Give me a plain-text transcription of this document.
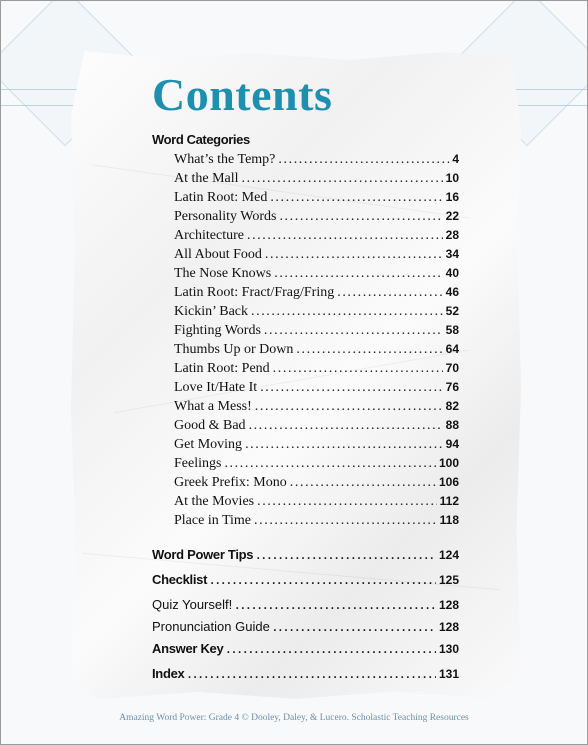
Contents
Word Categories
What’s the Temp? .....	4
At the Mall .....	10
Latin Root: Med .....	16
Personality Words .....	22
Architecture .....	28
All About Food .....	34
The Nose Knows .....	40
Latin Root: Fract/Frag/Fring .....	46
Kickin’ Back .....	52
Fighting Words .....	58
Thumbs Up or Down .....	64
Latin Root: Pend .....	70
Love It/Hate It .....	76
What a Mess! .....	82
Good & Bad .....	88
Get Moving .....	94
Feelings .....	100
Greek Prefix: Mono .....	106
At the Movies .....	112
Place in Time .....	118
Word Power Tips .....	124
Checklist .....	125
Quiz Yourself! .....	128
Pronunciation Guide .....	128
Answer Key .....	130
Index .....	131
Amazing Word Power: Grade 4 © Dooley, Daley, & Lucero. Scholastic Teaching Resources
